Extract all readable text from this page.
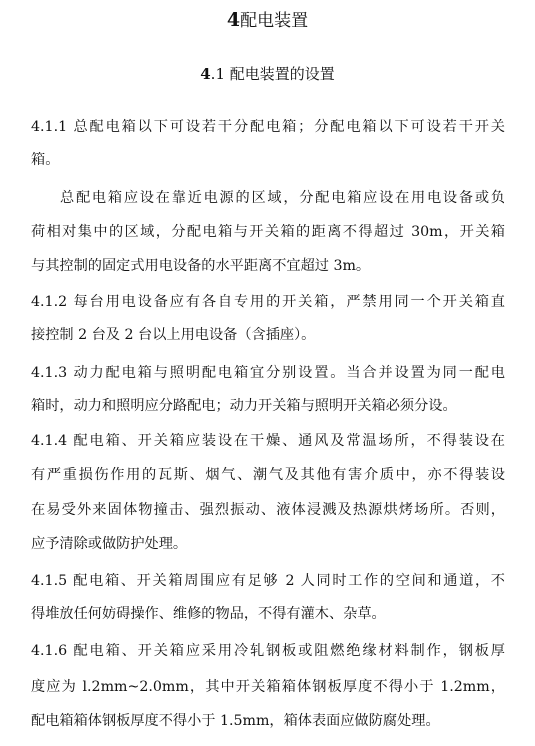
4配电装置
4.1 配电装置的设置
4.1.1 总配电箱以下可设若干分配电箱；分配电箱以下可设若干开关
箱。
总配电箱应设在靠近电源的区域，分配电箱应设在用电设备或负
荷相对集中的区域，分配电箱与开关箱的距离不得超过 30m，开关箱
与其控制的固定式用电设备的水平距离不宜超过 3m。
4.1.2 每台用电设备应有各自专用的开关箱，严禁用同一个开关箱直
接控制 2 台及 2 台以上用电设备（含插座）。
4.1.3 动力配电箱与照明配电箱宜分别设置。当合并设置为同一配电
箱时，动力和照明应分路配电；动力开关箱与照明开关箱必须分设。
4.1.4 配电箱、开关箱应装设在干燥、通风及常温场所，不得装设在
有严重损伤作用的瓦斯、烟气、潮气及其他有害介质中，亦不得装设
在易受外来固体物撞击、强烈振动、液体浸溅及热源烘烤场所。否则，
应予清除或做防护处理。
4.1.5 配电箱、开关箱周围应有足够 2 人同时工作的空间和通道，不
得堆放任何妨碍操作、维修的物品，不得有灌木、杂草。
4.1.6 配电箱、开关箱应采用冷轧钢板或阻燃绝缘材料制作，钢板厚
度应为 l.2mm~2.0mm，其中开关箱箱体钢板厚度不得小于 1.2mm，
配电箱箱体钢板厚度不得小于 1.5mm，箱体表面应做防腐处理。
